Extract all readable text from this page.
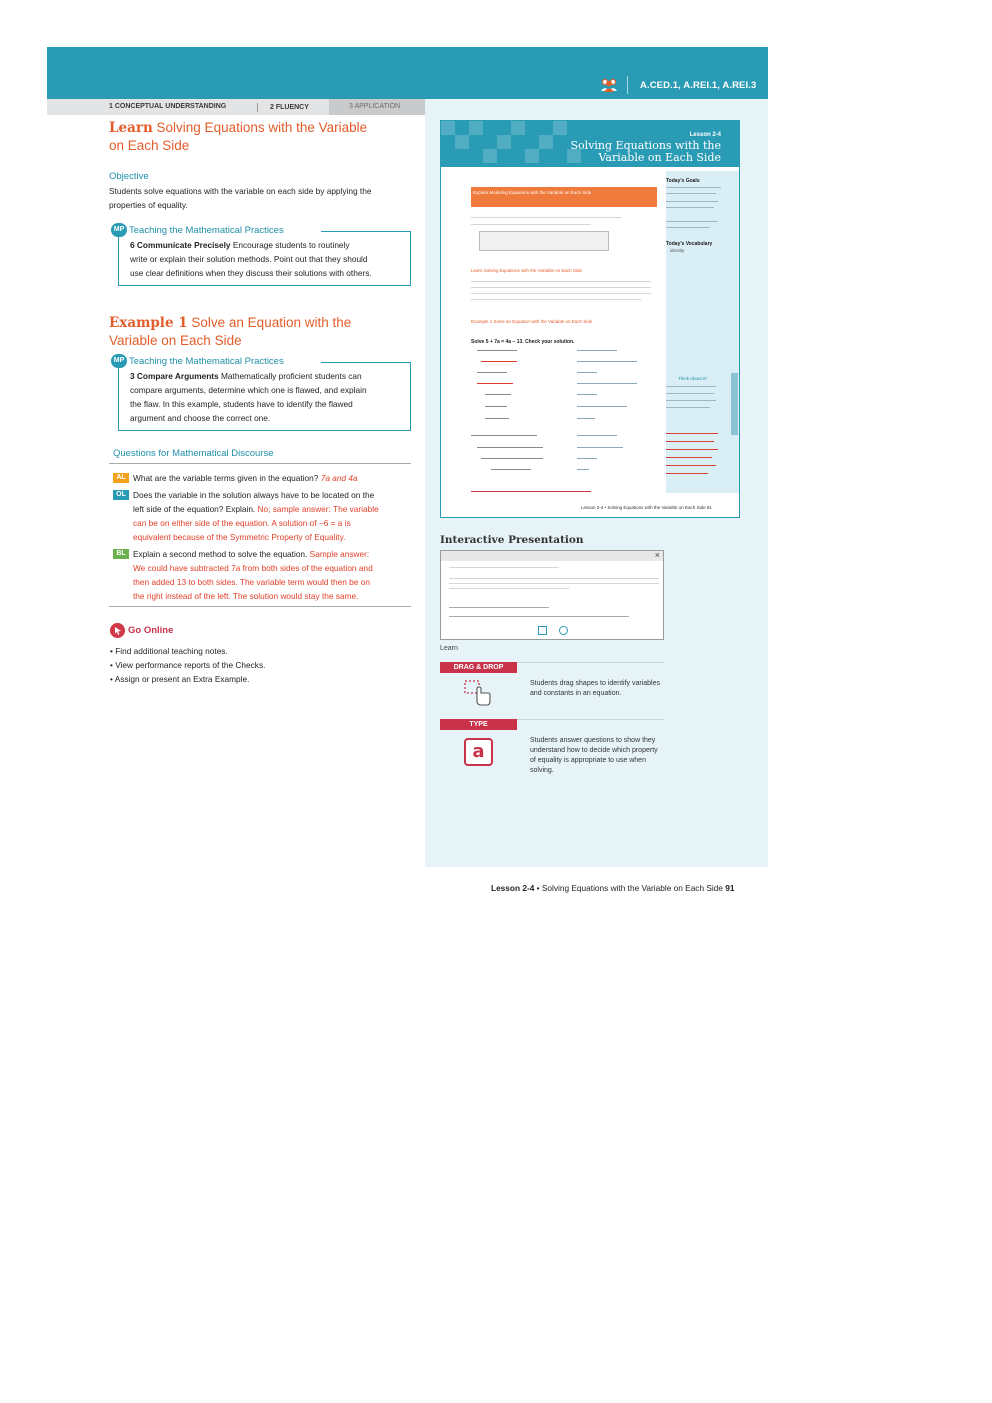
A.CED.1, A.REI.1, A.REI.3
1 CONCEPTUAL UNDERSTANDING	2 FLUENCY	3 APPLICATION
Learn Solving Equations with the Variable
on Each Side
Objective
Students solve equations with the variable on each side by applying the
properties of equality.
MP Teaching the Mathematical Practices
6 Communicate Precisely Encourage students to routinely
write or explain their solution methods. Point out that they should
use clear definitions when they discuss their solutions with others.
Example 1 Solve an Equation with the
Variable on Each Side
MP Teaching the Mathematical Practices
3 Compare Arguments Mathematically proficient students can
compare arguments, determine which one is flawed, and explain
the flaw. In this example, students have to identify the flawed
argument and choose the correct one.
Questions for Mathematical Discourse
AL What are the variable terms given in the equation? 7a and 4a
OL Does the variable in the solution always have to be located on the
left side of the equation? Explain. No; sample answer: The variable
can be on either side of the equation. A solution of −6 = a is
equivalent because of the Symmetric Property of Equality.
BL Explain a second method to solve the equation. Sample answer:
We could have subtracted 7a from both sides of the equation and
then added 13 to both sides. The variable term would then be on
the right instead of the left. The solution would stay the same.
Go Online
• Find additional teaching notes.
• View performance reports of the Checks.
• Assign or present an Extra Example.
Lesson 2-4
Solving Equations with the
Variable on Each Side
Today's Goals
Today's Vocabulary
identity
Think About It!
Explore Modeling Equations with the Variable on Each Side
Learn Solving Equations with the Variable on Each Side
Example 1 Solve an Equation with the Variable on Each Side
Solve 5 + 7a = 4a − 13. Check your solution.
Lesson 2-4 • Solving Equations with the Variable on Each Side 91
Interactive Presentation
×
Learn
DRAG & DROP
Students drag shapes to identify variables
and constants in an equation.
TYPE
a
Students answer questions to show they
understand how to decide which property
of equality is appropriate to use when
solving.
Lesson 2-4 • Solving Equations with the Variable on Each Side 91
